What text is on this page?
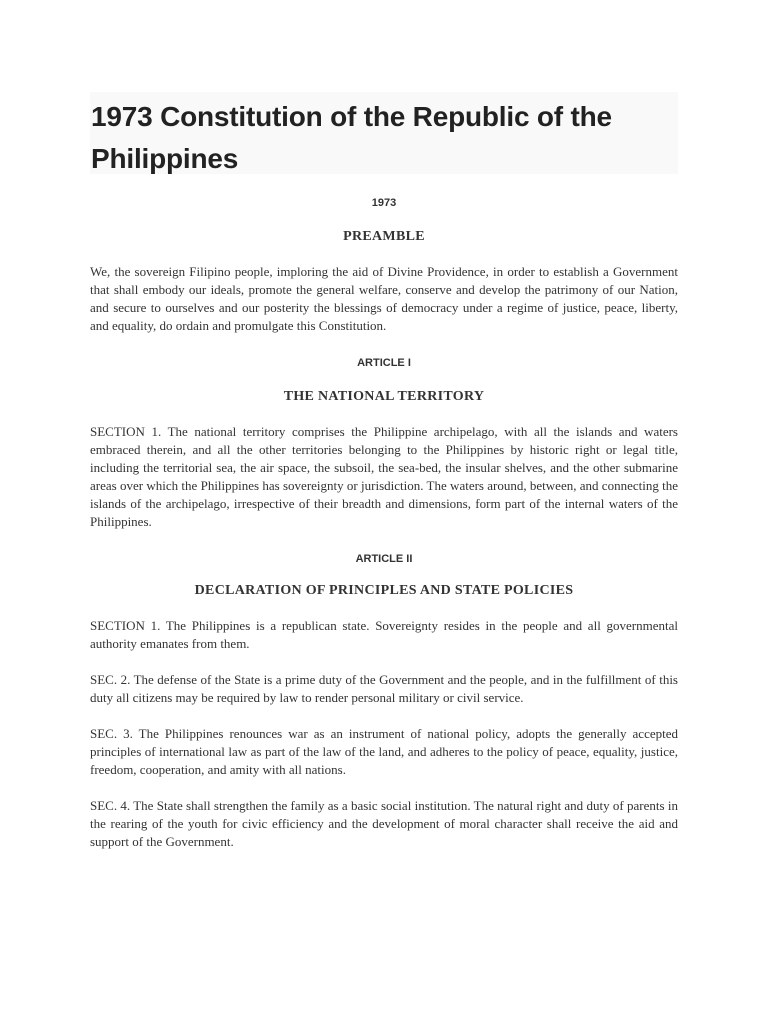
1973 Constitution of the Republic of the Philippines
1973
PREAMBLE

We, the sovereign Filipino people, imploring the aid of Divine Providence, in order to establish a Government that shall embody our ideals, promote the general welfare, conserve and develop the patrimony of our Nation, and secure to ourselves and our posterity the blessings of democracy under a regime of justice, peace, liberty, and equality, do ordain and promulgate this Constitution.

ARTICLE I
THE NATIONAL TERRITORY

SECTION 1. The national territory comprises the Philippine archipelago, with all the islands and waters embraced therein, and all the other territories belonging to the Philippines by historic right or legal title, including the territorial sea, the air space, the subsoil, the sea-bed, the insular shelves, and the other submarine areas over which the Philippines has sovereignty or jurisdiction. The waters around, between, and connecting the islands of the archipelago, irrespective of their breadth and dimensions, form part of the internal waters of the Philippines.

ARTICLE II
DECLARATION OF PRINCIPLES AND STATE POLICIES

SECTION 1. The Philippines is a republican state. Sovereignty resides in the people and all governmental authority emanates from them.

SEC. 2. The defense of the State is a prime duty of the Government and the people, and in the fulfillment of this duty all citizens may be required by law to render personal military or civil service.

SEC. 3. The Philippines renounces war as an instrument of national policy, adopts the generally accepted principles of international law as part of the law of the land, and adheres to the policy of peace, equality, justice, freedom, cooperation, and amity with all nations.

SEC. 4. The State shall strengthen the family as a basic social institution. The natural right and duty of parents in the rearing of the youth for civic efficiency and the development of moral character shall receive the aid and support of the Government.
